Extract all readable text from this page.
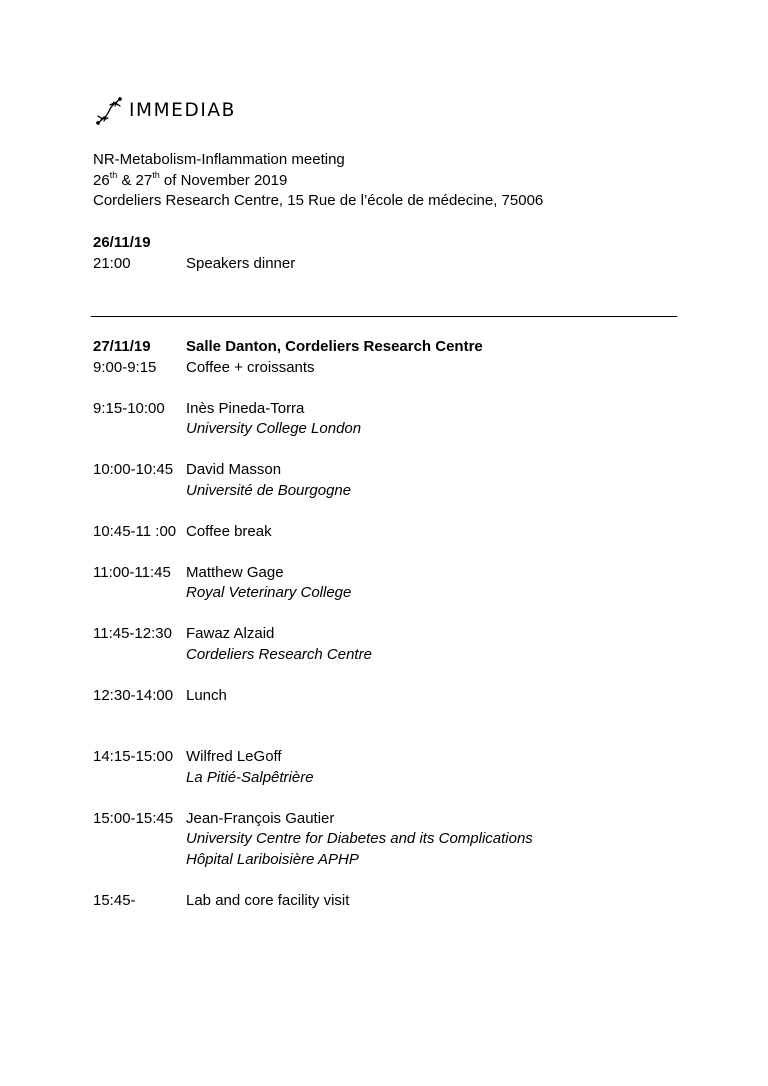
IMMEDIAB
NR-Metabolism-Inflammation meeting
26th & 27th of November 2019
Cordeliers Research Centre, 15 Rue de l’école de médecine, 75006
26/11/19
21:00	Speakers dinner
27/11/19	Salle Danton, Cordeliers Research Centre
9:00-9:15	Coffee + croissants
9:15-10:00	Inès Pineda-Torra
University College London
10:00-10:45 David Masson
Université de Bourgogne
10:45-11 :00 Coffee break
11:00-11:45	Matthew Gage
Royal Veterinary College
11:45-12:30 Fawaz Alzaid
Cordeliers Research Centre
12:30-14:00 Lunch
14:15-15:00 Wilfred LeGoff
La Pitié-Salpêtrière
15:00-15:45 Jean-François Gautier
University Centre for Diabetes and its Complications
Hôpital Lariboisière APHP
15:45-	Lab and core facility visit
